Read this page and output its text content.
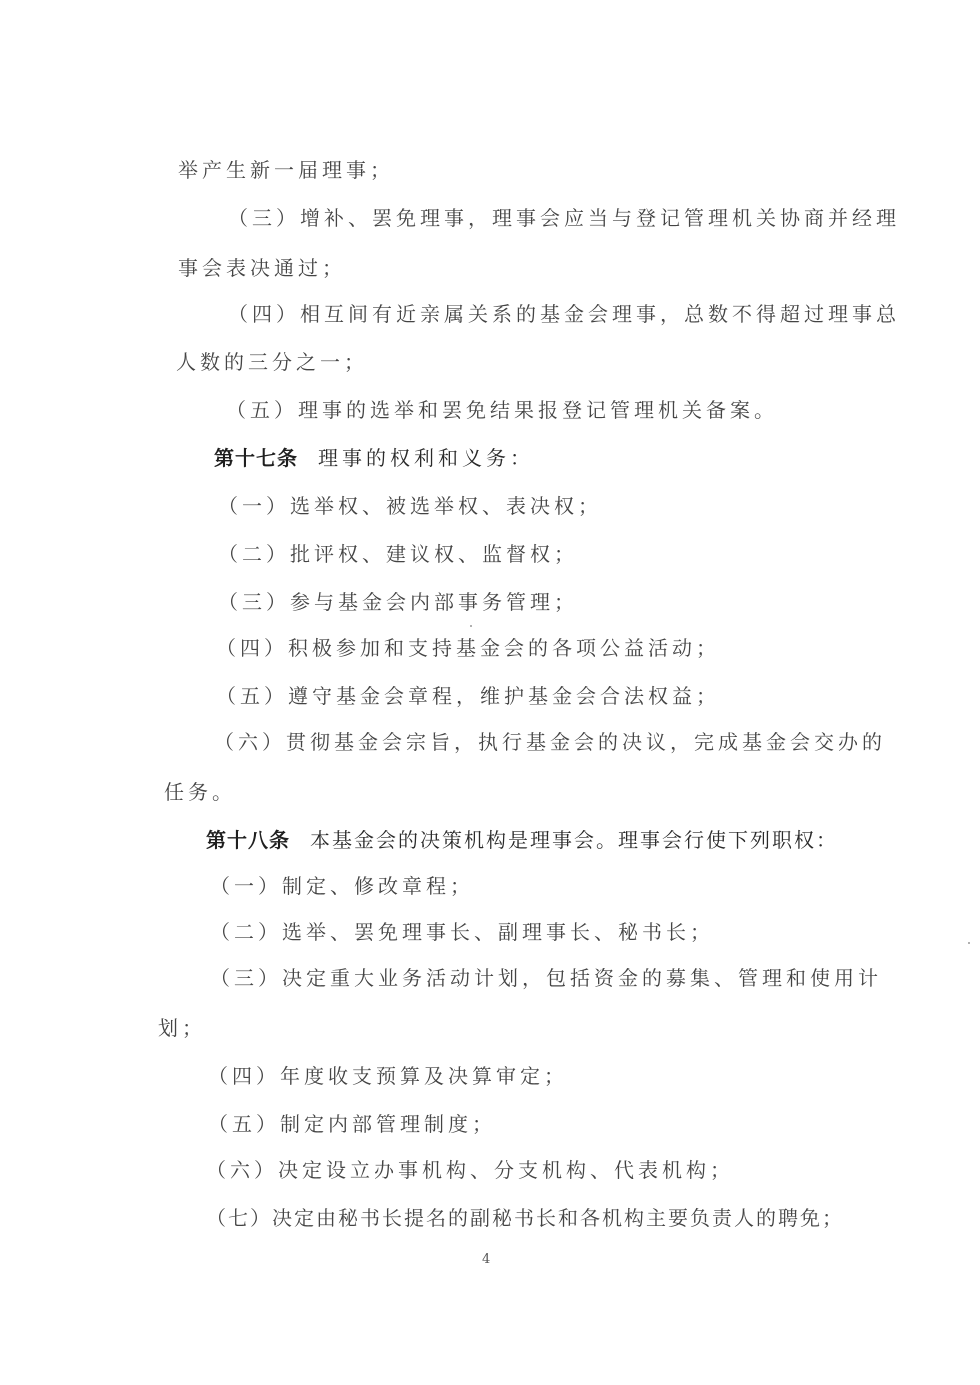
举产生新一届理事；
（三）增补、罢免理事，理事会应当与登记管理机关协商并经理
事会表决通过；
（四）相互间有近亲属关系的基金会理事，总数不得超过理事总
人数的三分之一；
（五）理事的选举和罢免结果报登记管理机关备案。
第十七条 理事的权利和义务：
（一）选举权、被选举权、表决权；
（二）批评权、建议权、监督权；
（三）参与基金会内部事务管理；
（四）积极参加和支持基金会的各项公益活动；
（五）遵守基金会章程，维护基金会合法权益；
（六）贯彻基金会宗旨，执行基金会的决议，完成基金会交办的
任务。
第十八条 本基金会的决策机构是理事会。理事会行使下列职权：
（一）制定、修改章程；
（二）选举、罢免理事长、副理事长、秘书长；
（三）决定重大业务活动计划，包括资金的募集、管理和使用计
划；
（四）年度收支预算及决算审定；
（五）制定内部管理制度；
（六）决定设立办事机构、分支机构、代表机构；
（七）决定由秘书长提名的副秘书长和各机构主要负责人的聘免；
4
